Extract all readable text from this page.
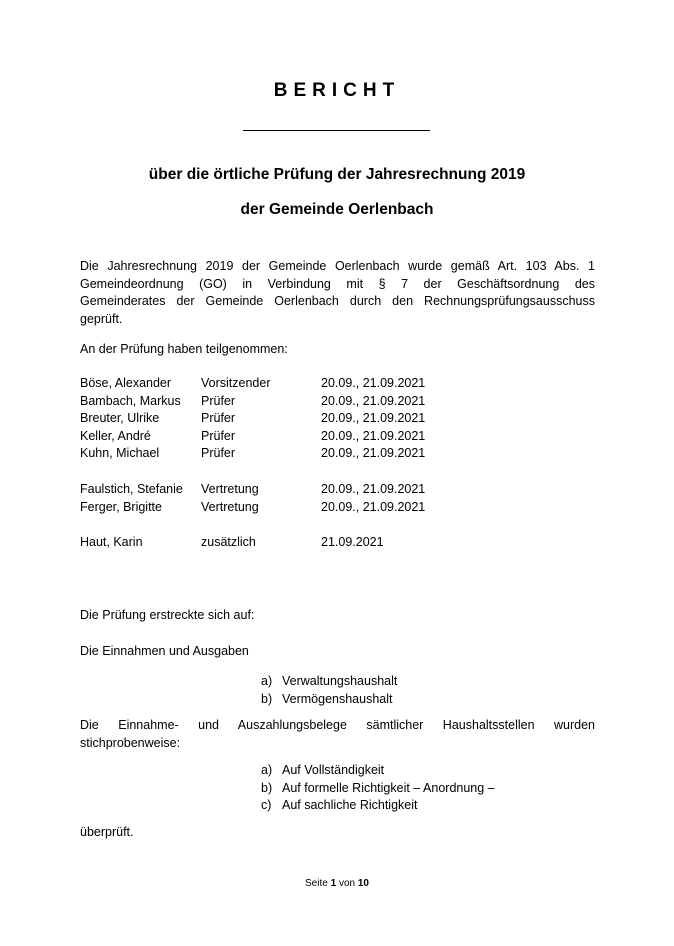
BERICHT
über die örtliche Prüfung der Jahresrechnung 2019
der Gemeinde Oerlenbach
Die Jahresrechnung 2019 der Gemeinde Oerlenbach wurde gemäß Art. 103 Abs. 1
Gemeindeordnung (GO) in Verbindung mit § 7 der Geschäftsordnung des
Gemeinderates der Gemeinde Oerlenbach durch den Rechnungsprüfungsausschuss
geprüft.
An der Prüfung haben teilgenommen:
Böse, Alexander	Vorsitzender	20.09., 21.09.2021
Bambach, Markus	Prüfer	20.09., 21.09.2021
Breuter, Ulrike	Prüfer	20.09., 21.09.2021
Keller, André	Prüfer	20.09., 21.09.2021
Kuhn, Michael	Prüfer	20.09., 21.09.2021
Faulstich, Stefanie	Vertretung	20.09., 21.09.2021
Ferger, Brigitte	Vertretung	20.09., 21.09.2021
Haut, Karin	zusätzlich	21.09.2021
Die Prüfung erstreckte sich auf:
Die Einnahmen und Ausgaben
a) Verwaltungshaushalt
b) Vermögenshaushalt
Die Einnahme- und Auszahlungsbelege sämtlicher Haushaltsstellen wurden
stichprobenweise:
a) Auf Vollständigkeit
b) Auf formelle Richtigkeit – Anordnung –
c) Auf sachliche Richtigkeit
überprüft.
Seite 1 von 10
